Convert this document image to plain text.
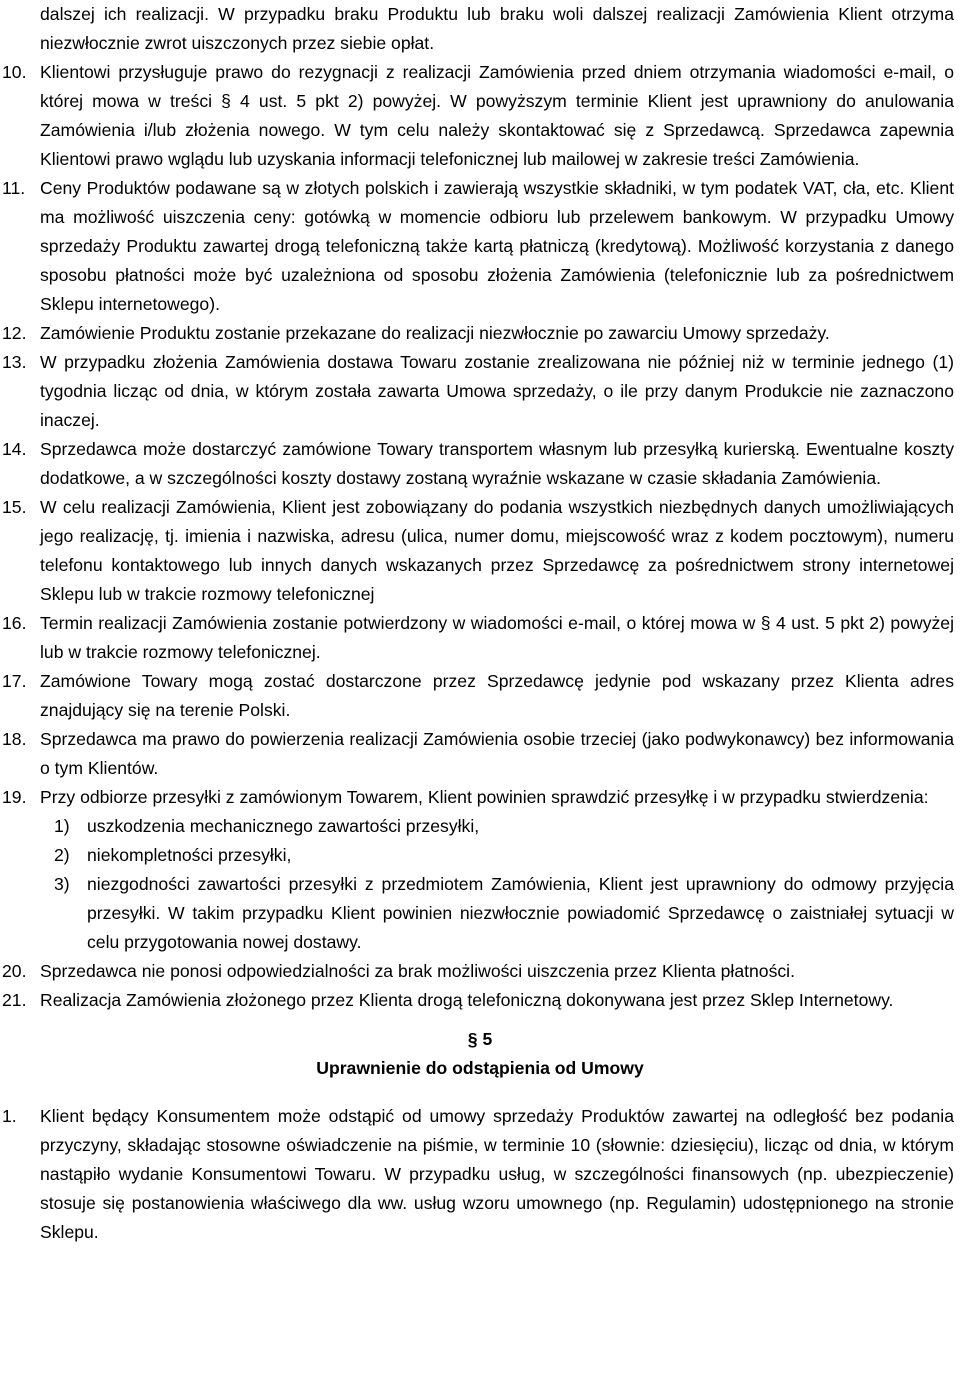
dalszej ich realizacji. W przypadku braku Produktu lub braku woli dalszej realizacji Zamówienia Klient otrzyma niezwłocznie zwrot uiszczonych przez siebie opłat.
10. Klientowi przysługuje prawo do rezygnacji z realizacji Zamówienia przed dniem otrzymania wiadomości e-mail, o której mowa w treści § 4 ust. 5 pkt 2) powyżej. W powyższym terminie Klient jest uprawniony do anulowania Zamówienia i/lub złożenia nowego. W tym celu należy skontaktować się z Sprzedawcą. Sprzedawca zapewnia Klientowi prawo wglądu lub uzyskania informacji telefonicznej lub mailowej w zakresie treści Zamówienia.
11. Ceny Produktów podawane są w złotych polskich i zawierają wszystkie składniki, w tym podatek VAT, cła, etc. Klient ma możliwość uiszczenia ceny: gotówką w momencie odbioru lub przelewem bankowym. W przypadku Umowy sprzedaży Produktu zawartej drogą telefoniczną także kartą płatniczą (kredytową). Możliwość korzystania z danego sposobu płatności może być uzależniona od sposobu złożenia Zamówienia (telefonicznie lub za pośrednictwem Sklepu internetowego).
12. Zamówienie Produktu zostanie przekazane do realizacji niezwłocznie po zawarciu Umowy sprzedaży.
13. W przypadku złożenia Zamówienia dostawa Towaru zostanie zrealizowana nie później niż w terminie jednego (1) tygodnia licząc od dnia, w którym została zawarta Umowa sprzedaży, o ile przy danym Produkcie nie zaznaczono inaczej.
14. Sprzedawca może dostarczyć zamówione Towary transportem własnym lub przesyłką kurierską. Ewentualne koszty dodatkowe, a w szczególności koszty dostawy zostaną wyraźnie wskazane w czasie składania Zamówienia.
15. W celu realizacji Zamówienia, Klient jest zobowiązany do podania wszystkich niezbędnych danych umożliwiających jego realizację, tj. imienia i nazwiska, adresu (ulica, numer domu, miejscowość wraz z kodem pocztowym), numeru telefonu kontaktowego lub innych danych wskazanych przez Sprzedawcę za pośrednictwem strony internetowej Sklepu lub w trakcie rozmowy telefonicznej
16. Termin realizacji Zamówienia zostanie potwierdzony w wiadomości e-mail, o której mowa w § 4 ust. 5 pkt 2) powyżej lub w trakcie rozmowy telefonicznej.
17. Zamówione Towary mogą zostać dostarczone przez Sprzedawcę jedynie pod wskazany przez Klienta adres znajdujący się na terenie Polski.
18. Sprzedawca ma prawo do powierzenia realizacji Zamówienia osobie trzeciej (jako podwykonawcy) bez informowania o tym Klientów.
19. Przy odbiorze przesyłki z zamówionym Towarem, Klient powinien sprawdzić przesyłkę i w przypadku stwierdzenia:
1) uszkodzenia mechanicznego zawartości przesyłki,
2) niekompletności przesyłki,
3) niezgodności zawartości przesyłki z przedmiotem Zamówienia, Klient jest uprawniony do odmowy przyjęcia przesyłki. W takim przypadku Klient powinien niezwłocznie powiadomić Sprzedawcę o zaistniałej sytuacji w celu przygotowania nowej dostawy.
20. Sprzedawca nie ponosi odpowiedzialności za brak możliwości uiszczenia przez Klienta płatności.
21. Realizacja Zamówienia złożonego przez Klienta drogą telefoniczną dokonywana jest przez Sklep Internetowy.
§ 5
Uprawnienie do odstąpienia od Umowy
1. Klient będący Konsumentem może odstąpić od umowy sprzedaży Produktów zawartej na odległość bez podania przyczyny, składając stosowne oświadczenie na piśmie, w terminie 10 (słownie: dziesięciu), licząc od dnia, w którym nastąpiło wydanie Konsumentowi Towaru. W przypadku usług, w szczególności finansowych (np. ubezpieczenie) stosuje się postanowienia właściwego dla ww. usług wzoru umownego (np. Regulamin) udostępnionego na stronie Sklepu.
